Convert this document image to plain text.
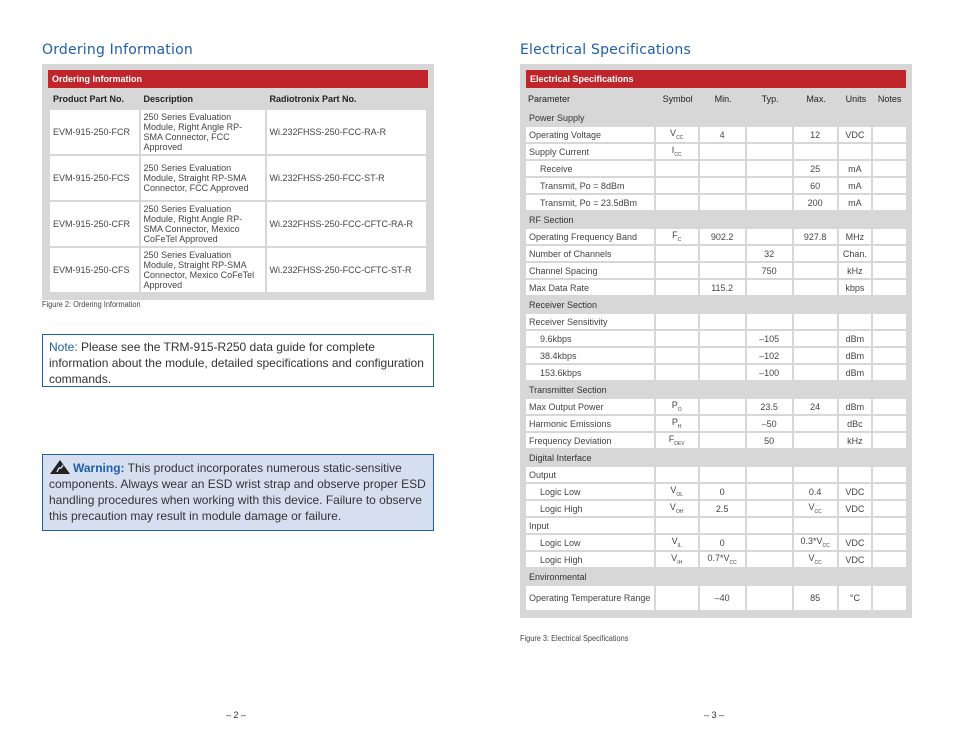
Ordering Information
Ordering Information
Product Part No.	Description	Radiotronix Part No.
EVM-915-250-FCR	250 Series Evaluation Module, Right Angle RP-SMA Connector, FCC Approved	Wi.232FHSS-250-FCC-RA-R
EVM-915-250-FCS	250 Series Evaluation Module, Straight RP-SMA Connector, FCC Approved	Wi.232FHSS-250-FCC-ST-R
EVM-915-250-CFR	250 Series Evaluation Module, Right Angle RP-SMA Connector, Mexico CoFeTel Approved	Wi.232FHSS-250-FCC-CFTC-RA-R
EVM-915-250-CFS	250 Series Evaluation Module, Straight RP-SMA Connector, Mexico CoFeTel Approved	Wi.232FHSS-250-FCC-CFTC-ST-R
Figure 2: Ordering Information
Note: Please see the TRM-915-R250 data guide for complete information about the module, detailed specifications and configuration commands.
Warning: This product incorporates numerous static-sensitive components. Always wear an ESD wrist strap and observe proper ESD handling procedures when working with this device. Failure to observe this precaution may result in module damage or failure.
– 2 –
Electrical Specifications
Electrical Specifications
Parameter	Symbol	Min.	Typ.	Max.	Units	Notes
Power Supply						
Operating Voltage	$V_{CC}$	4		12	VDC	
Supply Current	$I_{CC}$					
Receive				25	mA	
Transmit, Po = 8dBm				60	mA	
Transmit, Po = 23.5dBm				200	mA	
RF Section						
Operating Frequency Band	$F_C$	902.2		927.8	MHz	
Number of Channels			32		Chan.	
Channel Spacing			750		kHz	
Max Data Rate		115.2			kbps	
Receiver Section						
Receiver Sensitivity						
9.6kbps			–105		dBm	
38.4kbps			–102		dBm	
153.6kbps			–100		dBm	
Transmitter Section						
Max Output Power	$P_O$		23.5	24	dBm	
Harmonic Emissions	$P_H$		–50		dBc	
Frequency Deviation	$F_{DEV}$		50		kHz	
Digital Interface						
Output						
Logic Low	$V_{OL}$	0		0.4	VDC	
Logic High	$V_{OH}$	2.5		$V_{CC}$	VDC	
Input						
Logic Low	$V_{IL}$	0		$0.3*V_{CC}$	VDC	
Logic High	$V_{IH}$	$0.7*V_{CC}$		$V_{CC}$	VDC	
Environmental						
Operating Temperature Range		–40		85	°C	
Figure 3: Electrical Specifications
– 3 –
